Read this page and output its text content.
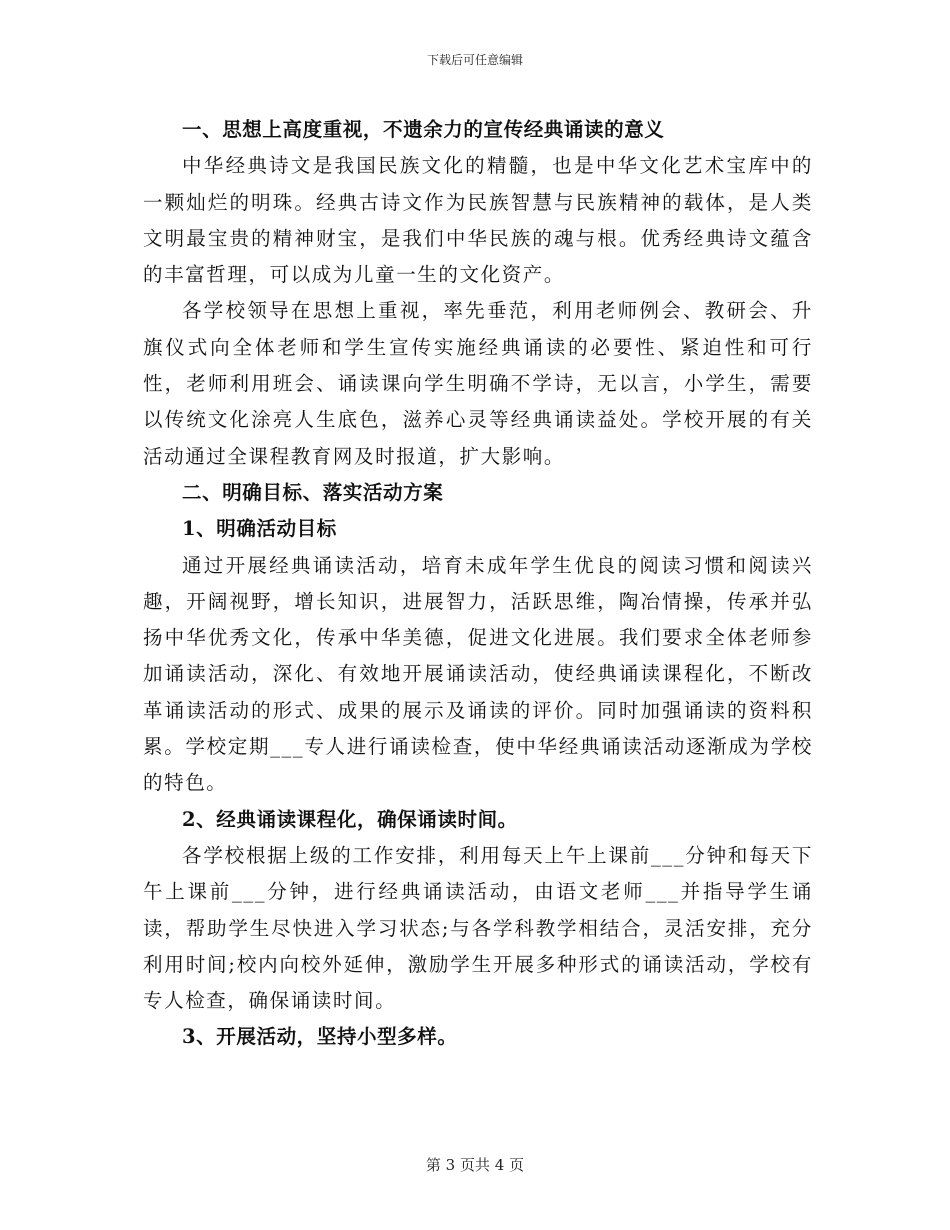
下载后可任意编辑

一、思想上高度重视，不遗余力的宣传经典诵读的意义

中华经典诗文是我国民族文化的精髓，也是中华文化艺术宝库中的一颗灿烂的明珠。经典古诗文作为民族智慧与民族精神的载体，是人类文明最宝贵的精神财宝，是我们中华民族的魂与根。优秀经典诗文蕴含的丰富哲理，可以成为儿童一生的文化资产。

各学校领导在思想上重视，率先垂范，利用老师例会、教研会、升旗仪式向全体老师和学生宣传实施经典诵读的必要性、紧迫性和可行性，老师利用班会、诵读课向学生明确不学诗，无以言，小学生，需要以传统文化涂亮人生底色，滋养心灵等经典诵读益处。学校开展的有关活动通过全课程教育网及时报道，扩大影响。

二、明确目标、落实活动方案

1、明确活动目标

通过开展经典诵读活动，培育未成年学生优良的阅读习惯和阅读兴趣，开阔视野，增长知识，进展智力，活跃思维，陶冶情操，传承并弘扬中华优秀文化，传承中华美德，促进文化进展。我们要求全体老师参加诵读活动，深化、有效地开展诵读活动，使经典诵读课程化，不断改革诵读活动的形式、成果的展示及诵读的评价。同时加强诵读的资料积累。学校定期___专人进行诵读检查，使中华经典诵读活动逐渐成为学校的特色。

2、经典诵读课程化，确保诵读时间。

各学校根据上级的工作安排，利用每天上午上课前___分钟和每天下午上课前___分钟，进行经典诵读活动，由语文老师___并指导学生诵读，帮助学生尽快进入学习状态;与各学科教学相结合，灵活安排，充分利用时间;校内向校外延伸，激励学生开展多种形式的诵读活动，学校有专人检查，确保诵读时间。

3、开展活动，坚持小型多样。

第 3 页共 4 页
